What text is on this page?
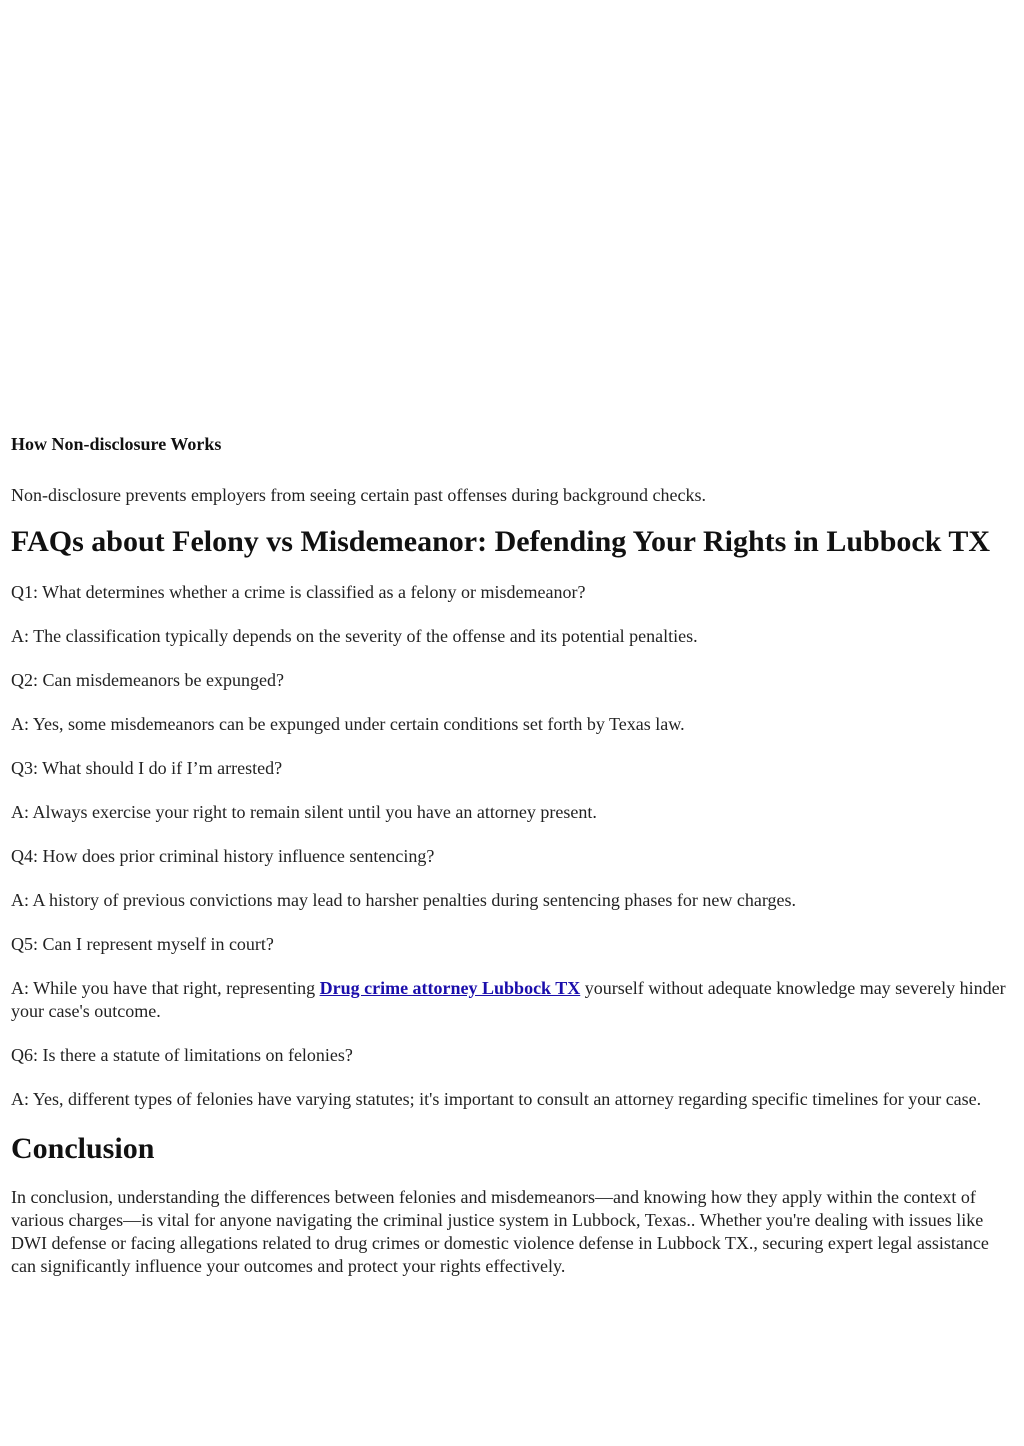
How Non-disclosure Works

Non-disclosure prevents employers from seeing certain past offenses during background checks.

FAQs about Felony vs Misdemeanor: Defending Your Rights in Lubbock TX

Q1: What determines whether a crime is classified as a felony or misdemeanor?

A: The classification typically depends on the severity of the offense and its potential penalties.

Q2: Can misdemeanors be expunged?

A: Yes, some misdemeanors can be expunged under certain conditions set forth by Texas law.

Q3: What should I do if I’m arrested?

A: Always exercise your right to remain silent until you have an attorney present.

Q4: How does prior criminal history influence sentencing?

A: A history of previous convictions may lead to harsher penalties during sentencing phases for new charges.

Q5: Can I represent myself in court?

A: While you have that right, representing Drug crime attorney Lubbock TX yourself without adequate knowledge may severely hinder your case's outcome.

Q6: Is there a statute of limitations on felonies?

A: Yes, different types of felonies have varying statutes; it's important to consult an attorney regarding specific timelines for your case.

Conclusion

In conclusion, understanding the differences between felonies and misdemeanors—and knowing how they apply within the context of various charges—is vital for anyone navigating the criminal justice system in Lubbock, Texas.. Whether you're dealing with issues like DWI defense or facing allegations related to drug crimes or domestic violence defense in Lubbock TX., securing expert legal assistance can significantly influence your outcomes and protect your rights effectively.
